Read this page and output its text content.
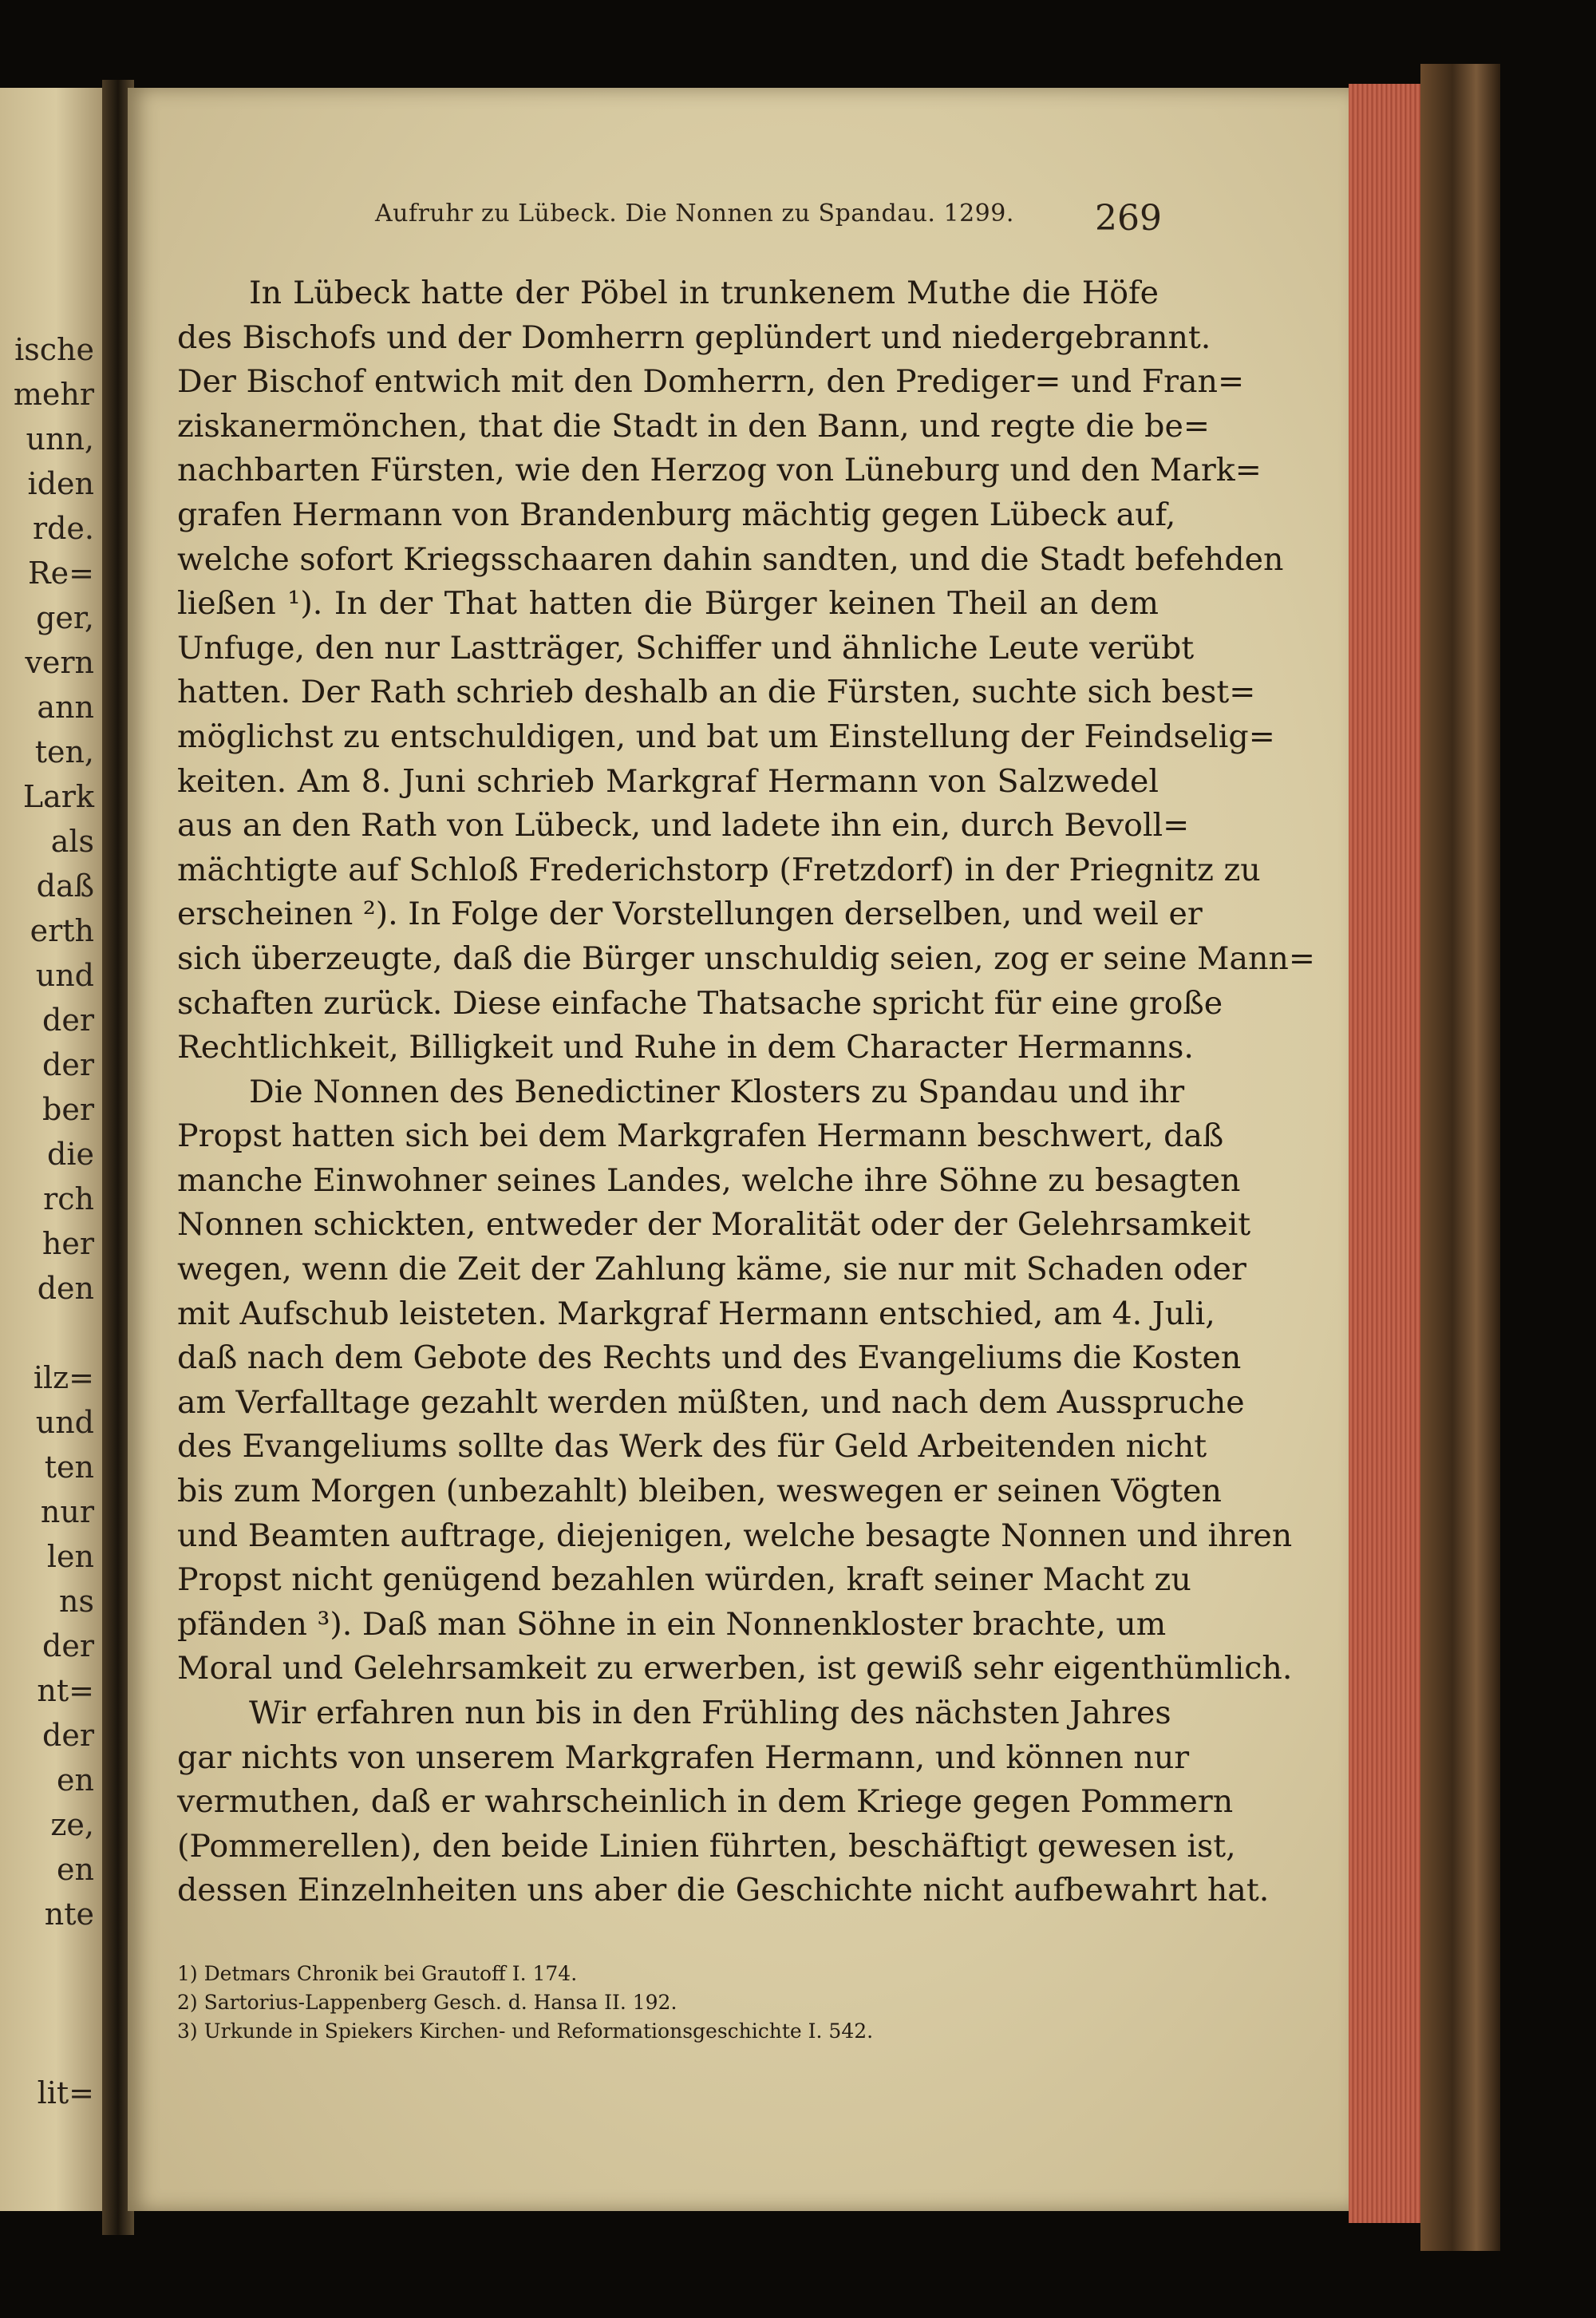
ische
mehr
unn,
iden
rde.
Re=
ger,
vern
ann
ten,
Lark
als
daß
erth
und
der
der
ber
die
rch
her
den
ilz=
und
ten
nur
len
ns
der
nt=
der
en
ze,
en
nte
lit=
Aufruhr zu Lübeck. Die Nonnen zu Spandau. 1299.	269
In Lübeck hatte der Pöbel in trunkenem Muthe die Höfe
des Bischofs und der Domherrn geplündert und niedergebrannt.
Der Bischof entwich mit den Domherrn, den Prediger= und Fran=
ziskanermönchen, that die Stadt in den Bann, und regte die be=
nachbarten Fürsten, wie den Herzog von Lüneburg und den Mark=
grafen Hermann von Brandenburg mächtig gegen Lübeck auf,
welche sofort Kriegsschaaren dahin sandten, und die Stadt befehden
ließen ¹). In der That hatten die Bürger keinen Theil an dem
Unfuge, den nur Lastträger, Schiffer und ähnliche Leute verübt
hatten. Der Rath schrieb deshalb an die Fürsten, suchte sich best=
möglichst zu entschuldigen, und bat um Einstellung der Feindselig=
keiten. Am 8. Juni schrieb Markgraf Hermann von Salzwedel
aus an den Rath von Lübeck, und ladete ihn ein, durch Bevoll=
mächtigte auf Schloß Frederichstorp (Fretzdorf) in der Priegnitz zu
erscheinen ²). In Folge der Vorstellungen derselben, und weil er
sich überzeugte, daß die Bürger unschuldig seien, zog er seine Mann=
schaften zurück. Diese einfache Thatsache spricht für eine große
Rechtlichkeit, Billigkeit und Ruhe in dem Character Hermanns.
Die Nonnen des Benedictiner Klosters zu Spandau und ihr
Propst hatten sich bei dem Markgrafen Hermann beschwert, daß
manche Einwohner seines Landes, welche ihre Söhne zu besagten
Nonnen schickten, entweder der Moralität oder der Gelehrsamkeit
wegen, wenn die Zeit der Zahlung käme, sie nur mit Schaden oder
mit Aufschub leisteten. Markgraf Hermann entschied, am 4. Juli,
daß nach dem Gebote des Rechts und des Evangeliums die Kosten
am Verfalltage gezahlt werden müßten, und nach dem Ausspruche
des Evangeliums sollte das Werk des für Geld Arbeitenden nicht
bis zum Morgen (unbezahlt) bleiben, weswegen er seinen Vögten
und Beamten auftrage, diejenigen, welche besagte Nonnen und ihren
Propst nicht genügend bezahlen würden, kraft seiner Macht zu
pfänden ³). Daß man Söhne in ein Nonnenkloster brachte, um
Moral und Gelehrsamkeit zu erwerben, ist gewiß sehr eigenthümlich.
Wir erfahren nun bis in den Frühling des nächsten Jahres
gar nichts von unserem Markgrafen Hermann, und können nur
vermuthen, daß er wahrscheinlich in dem Kriege gegen Pommern
(Pommerellen), den beide Linien führten, beschäftigt gewesen ist,
dessen Einzelnheiten uns aber die Geschichte nicht aufbewahrt hat.
1) Detmars Chronik bei Grautoff I. 174.
2) Sartorius-Lappenberg Gesch. d. Hansa II. 192.
3) Urkunde in Spiekers Kirchen- und Reformationsgeschichte I. 542.
